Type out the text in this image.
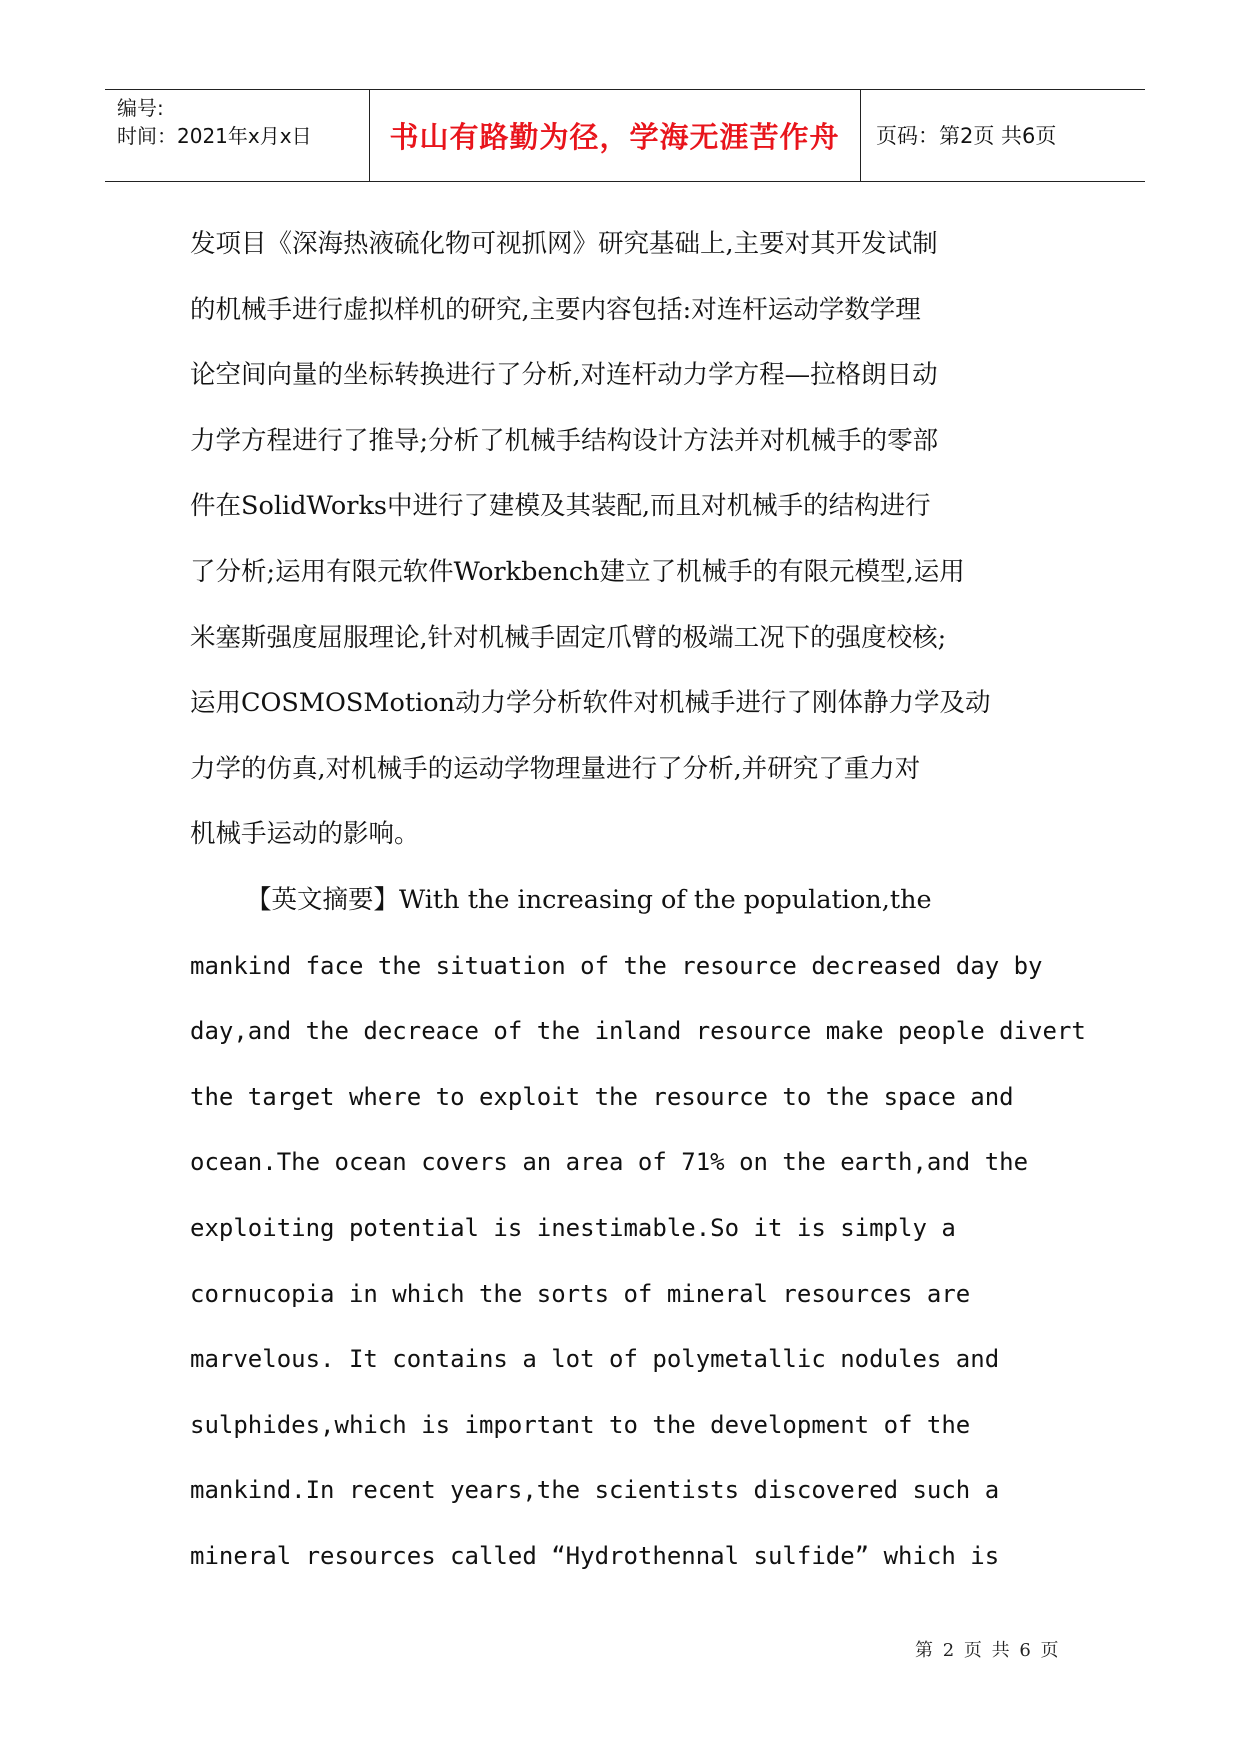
编号:
时间：2021年x月x日	书山有路勤为径，学海无涯苦作舟	页码：第2页 共6页
发项目《深海热液硫化物可视抓网》研究基础上,主要对其开发试制
的机械手进行虚拟样机的研究,主要内容包括:对连杆运动学数学理
论空间向量的坐标转换进行了分析,对连杆动力学方程—拉格朗日动
力学方程进行了推导;分析了机械手结构设计方法并对机械手的零部
件在SolidWorks中进行了建模及其装配,而且对机械手的结构进行
了分析;运用有限元软件Workbench建立了机械手的有限元模型,运用
米塞斯强度屈服理论,针对机械手固定爪臂的极端工况下的强度校核;
运用COSMOSMotion动力学分析软件对机械手进行了刚体静力学及动
力学的仿真,对机械手的运动学物理量进行了分析,并研究了重力对
机械手运动的影响。
【英文摘要】With the increasing of the population,the
mankind face the situation of the resource decreased day by
day,and the decreace of the inland resource make people divert
the target where to exploit the resource to the space and
ocean.The ocean covers an area of 71% on the earth,and the
exploiting potential is inestimable.So it is simply a
cornucopia in which the sorts of mineral resources are
marvelous. It contains a lot of polymetallic nodules and
sulphides,which is important to the development of the
mankind.In recent years,the scientists discovered such a
mineral resources called “Hydrothennal sulfide” which is
第 2 页 共 6 页
